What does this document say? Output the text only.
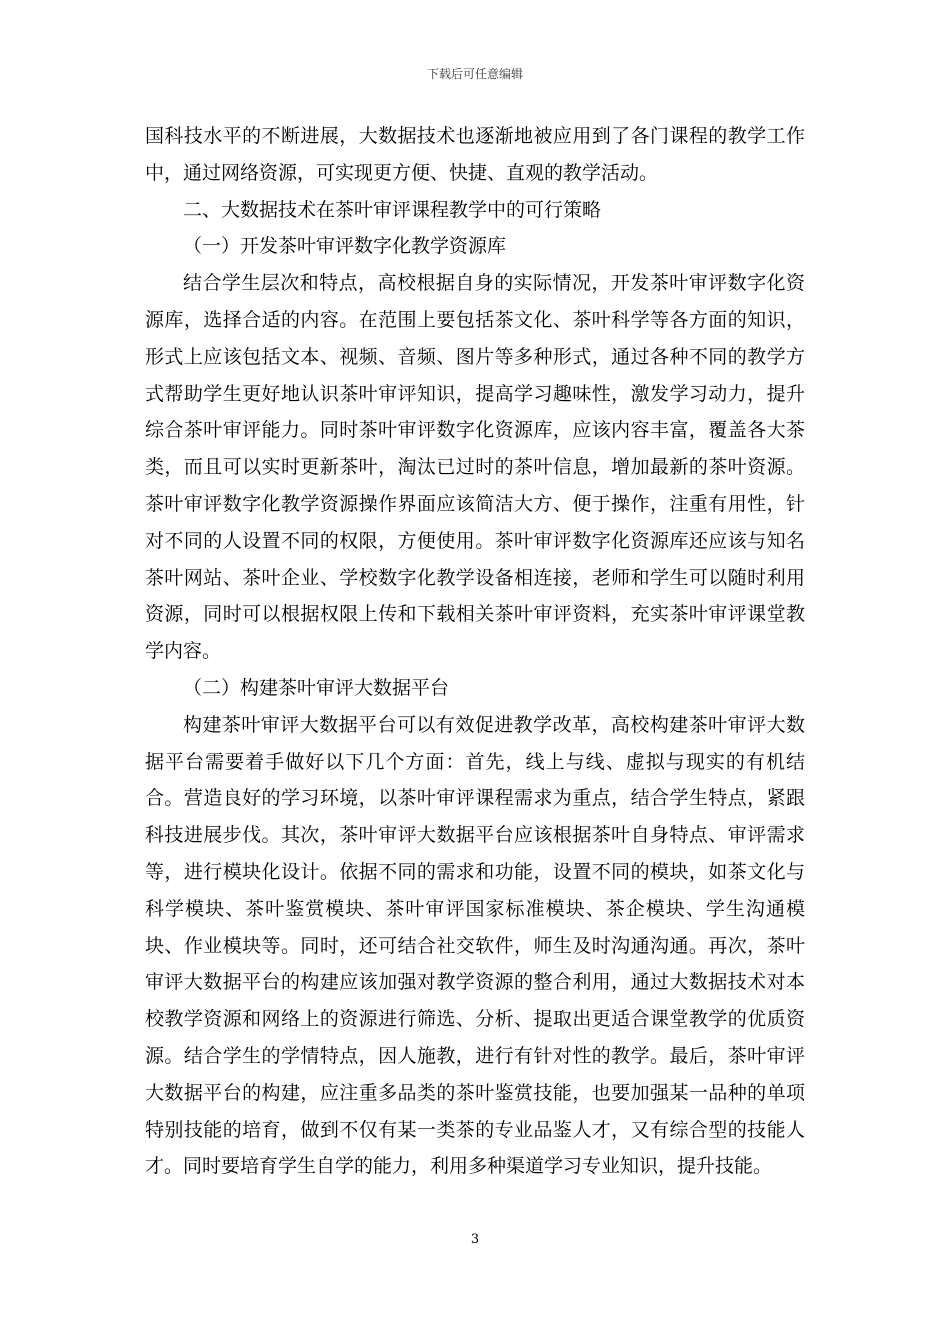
下载后可任意编辑

国科技水平的不断进展，大数据技术也逐渐地被应用到了各门课程的教学工作中，通过网络资源，可实现更方便、快捷、直观的教学活动。

二、大数据技术在茶叶审评课程教学中的可行策略

（一）开发茶叶审评数字化教学资源库

结合学生层次和特点，高校根据自身的实际情况，开发茶叶审评数字化资源库，选择合适的内容。在范围上要包括茶文化、茶叶科学等各方面的知识，形式上应该包括文本、视频、音频、图片等多种形式，通过各种不同的教学方式帮助学生更好地认识茶叶审评知识，提高学习趣味性，激发学习动力，提升综合茶叶审评能力。同时茶叶审评数字化资源库，应该内容丰富，覆盖各大茶类，而且可以实时更新茶叶，淘汰已过时的茶叶信息，增加最新的茶叶资源。茶叶审评数字化教学资源操作界面应该简洁大方、便于操作，注重有用性，针对不同的人设置不同的权限，方便使用。茶叶审评数字化资源库还应该与知名茶叶网站、茶叶企业、学校数字化教学设备相连接，老师和学生可以随时利用资源，同时可以根据权限上传和下载相关茶叶审评资料，充实茶叶审评课堂教学内容。

（二）构建茶叶审评大数据平台

构建茶叶审评大数据平台可以有效促进教学改革，高校构建茶叶审评大数据平台需要着手做好以下几个方面：首先，线上与线、虚拟与现实的有机结合。营造良好的学习环境，以茶叶审评课程需求为重点，结合学生特点，紧跟科技进展步伐。其次，茶叶审评大数据平台应该根据茶叶自身特点、审评需求等，进行模块化设计。依据不同的需求和功能，设置不同的模块，如茶文化与科学模块、茶叶鉴赏模块、茶叶审评国家标准模块、茶企模块、学生沟通模块、作业模块等。同时，还可结合社交软件，师生及时沟通沟通。再次，茶叶审评大数据平台的构建应该加强对教学资源的整合利用，通过大数据技术对本校教学资源和网络上的资源进行筛选、分析、提取出更适合课堂教学的优质资源。结合学生的学情特点，因人施教，进行有针对性的教学。最后，茶叶审评大数据平台的构建，应注重多品类的茶叶鉴赏技能，也要加强某一品种的单项特别技能的培育，做到不仅有某一类茶的专业品鉴人才，又有综合型的技能人才。同时要培育学生自学的能力，利用多种渠道学习专业知识，提升技能。

3
